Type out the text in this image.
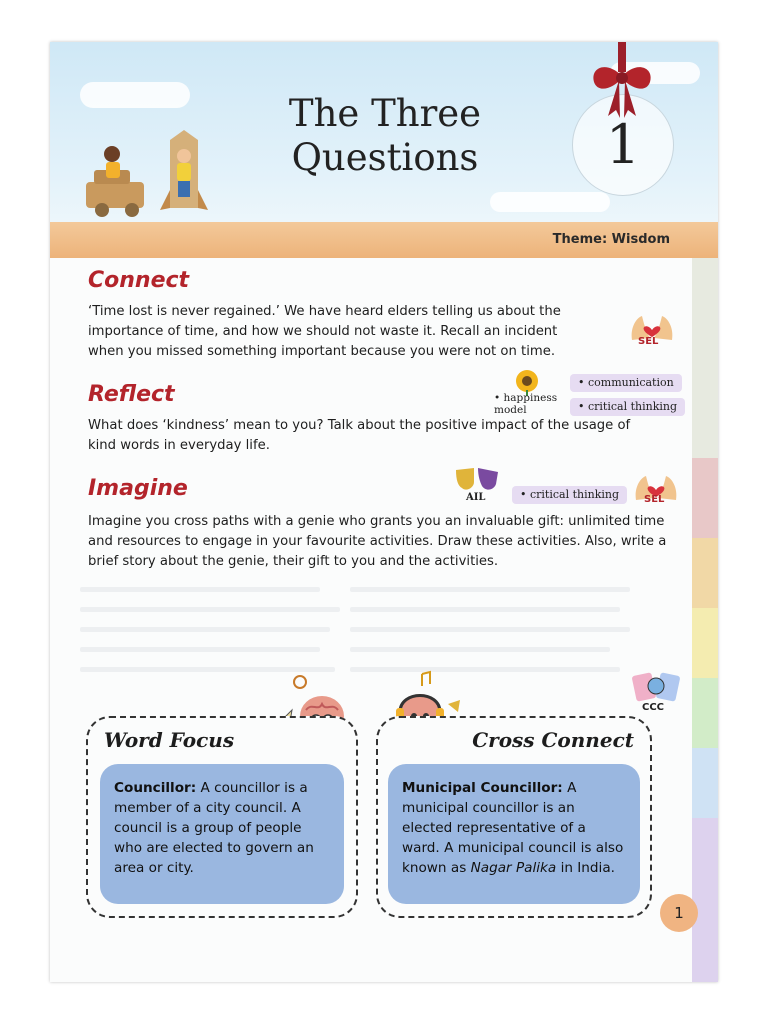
The Three
Questions	1
Theme: Wisdom
Connect
‘Time lost is never regained.’ We have heard elders telling us about the importance of time, and how we should not waste it. Recall an incident when you missed something important because you were not on time.
SEL
Reflect	• happiness model
• communication
• critical thinking
What does ‘kindness’ mean to you? Talk about the positive impact of the usage of kind words in everyday life.
Imagine	AIL	• critical thinking	SEL
Imagine you cross paths with a genie who grants you an invaluable gift: unlimited time and resources to engage in your favourite activities. Draw these activities. Also, write a brief story about the genie, their gift to you and the activities.
CCC
Word Focus
Councillor: A councillor is a member of a city council. A council is a group of people who are elected to govern an area or city.
Cross Connect
Municipal Councillor: A municipal councillor is an elected representative of a ward. A municipal council is also known as Nagar Palika in India.
1
